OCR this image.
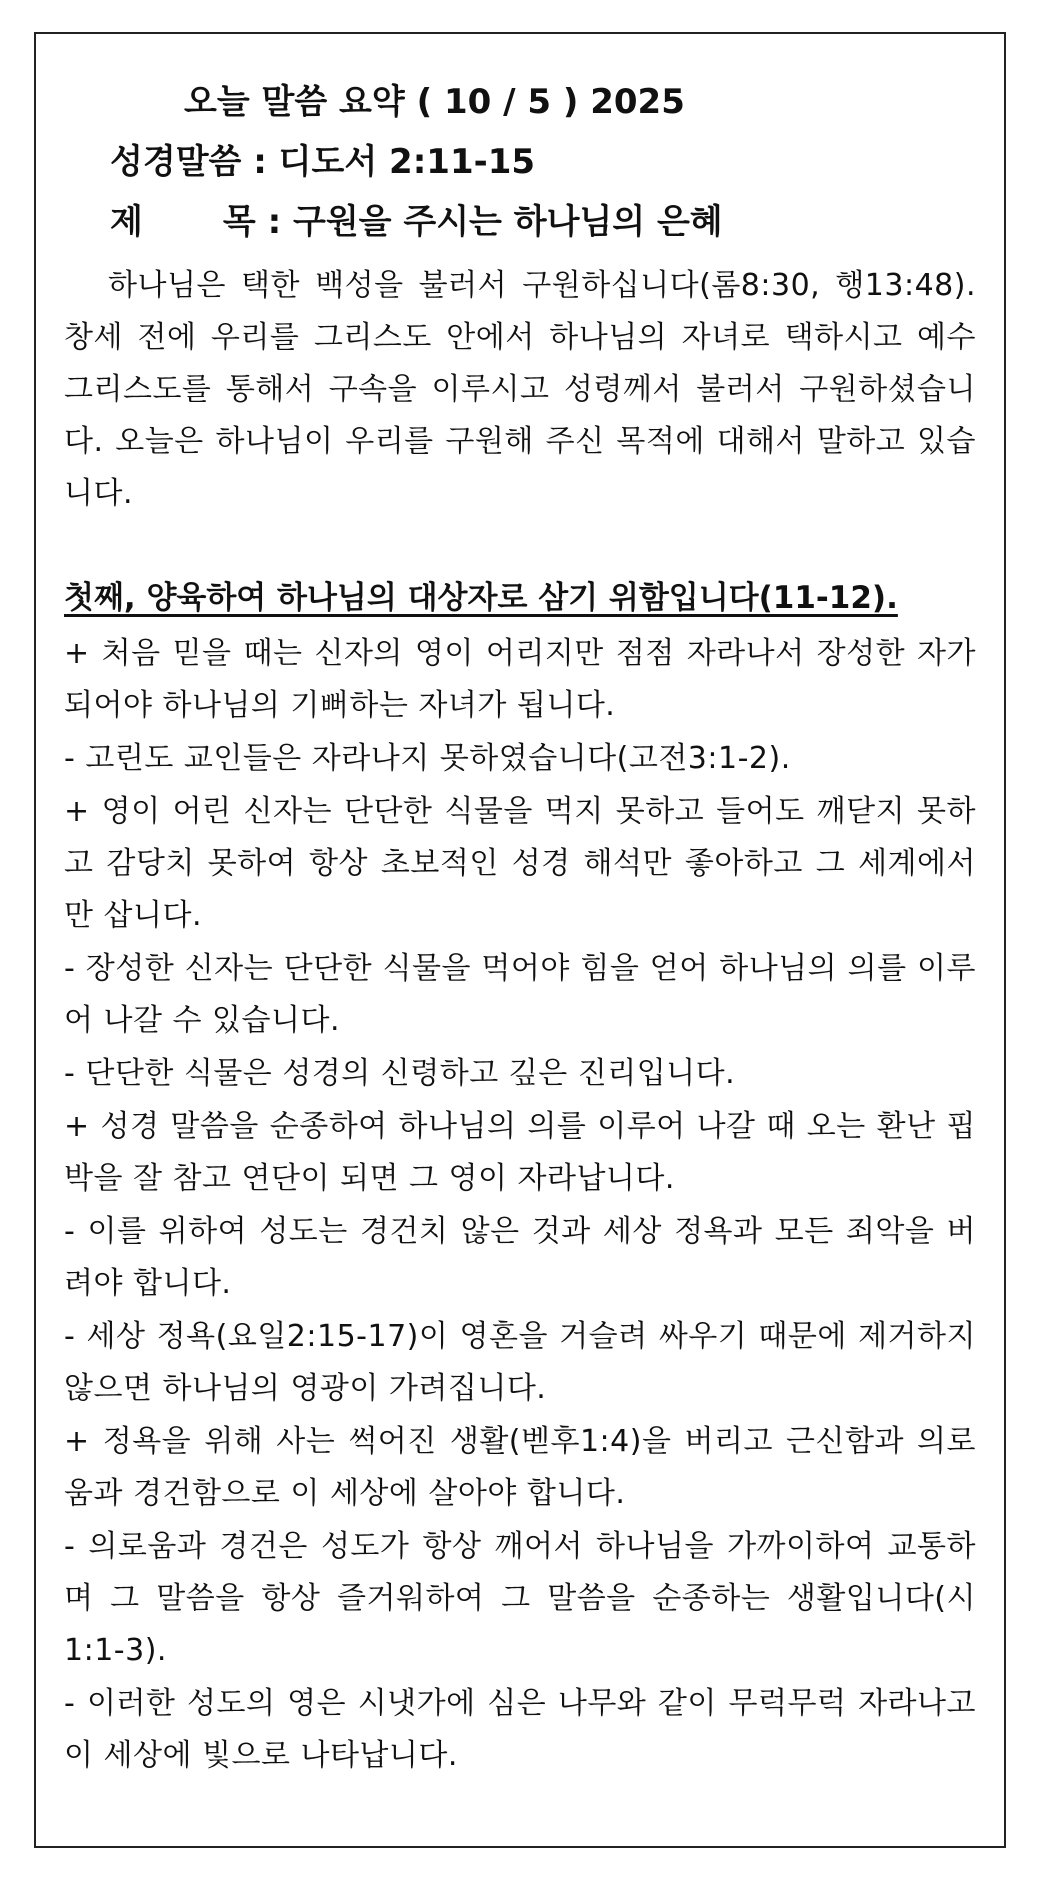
오늘 말씀 요약 ( 10 / 5 ) 2025
성경말씀 : 디도서 2:11-15
제 목 : 구원을 주시는 하나님의 은혜

하나님은 택한 백성을 불러서 구원하십니다(롬8:30, 행13:48). 창세 전에 우리를 그리스도 안에서 하나님의 자녀로 택하시고 예수 그리스도를 통해서 구속을 이루시고 성령께서 불러서 구원하셨습니다. 오늘은 하나님이 우리를 구원해 주신 목적에 대해서 말하고 있습니다.

첫째, 양육하여 하나님의 대상자로 삼기 위함입니다(11-12).

+ 처음 믿을 때는 신자의 영이 어리지만 점점 자라나서 장성한 자가 되어야 하나님의 기뻐하는 자녀가 됩니다.

- 고린도 교인들은 자라나지 못하였습니다(고전3:1-2).

+ 영이 어린 신자는 단단한 식물을 먹지 못하고 들어도 깨닫지 못하고 감당치 못하여 항상 초보적인 성경 해석만 좋아하고 그 세계에서만 삽니다.

- 장성한 신자는 단단한 식물을 먹어야 힘을 얻어 하나님의 의를 이루어 나갈 수 있습니다.

- 단단한 식물은 성경의 신령하고 깊은 진리입니다.

+ 성경 말씀을 순종하여 하나님의 의를 이루어 나갈 때 오는 환난 핍박을 잘 참고 연단이 되면 그 영이 자라납니다.

- 이를 위하여 성도는 경건치 않은 것과 세상 정욕과 모든 죄악을 버려야 합니다.

- 세상 정욕(요일2:15-17)이 영혼을 거슬려 싸우기 때문에 제거하지 않으면 하나님의 영광이 가려집니다.

+ 정욕을 위해 사는 썩어진 생활(벧후1:4)을 버리고 근신함과 의로움과 경건함으로 이 세상에 살아야 합니다.

- 의로움과 경건은 성도가 항상 깨어서 하나님을 가까이하여 교통하며 그 말씀을 항상 즐거워하여 그 말씀을 순종하는 생활입니다(시1:1-3).

- 이러한 성도의 영은 시냇가에 심은 나무와 같이 무럭무럭 자라나고 이 세상에 빛으로 나타납니다.
